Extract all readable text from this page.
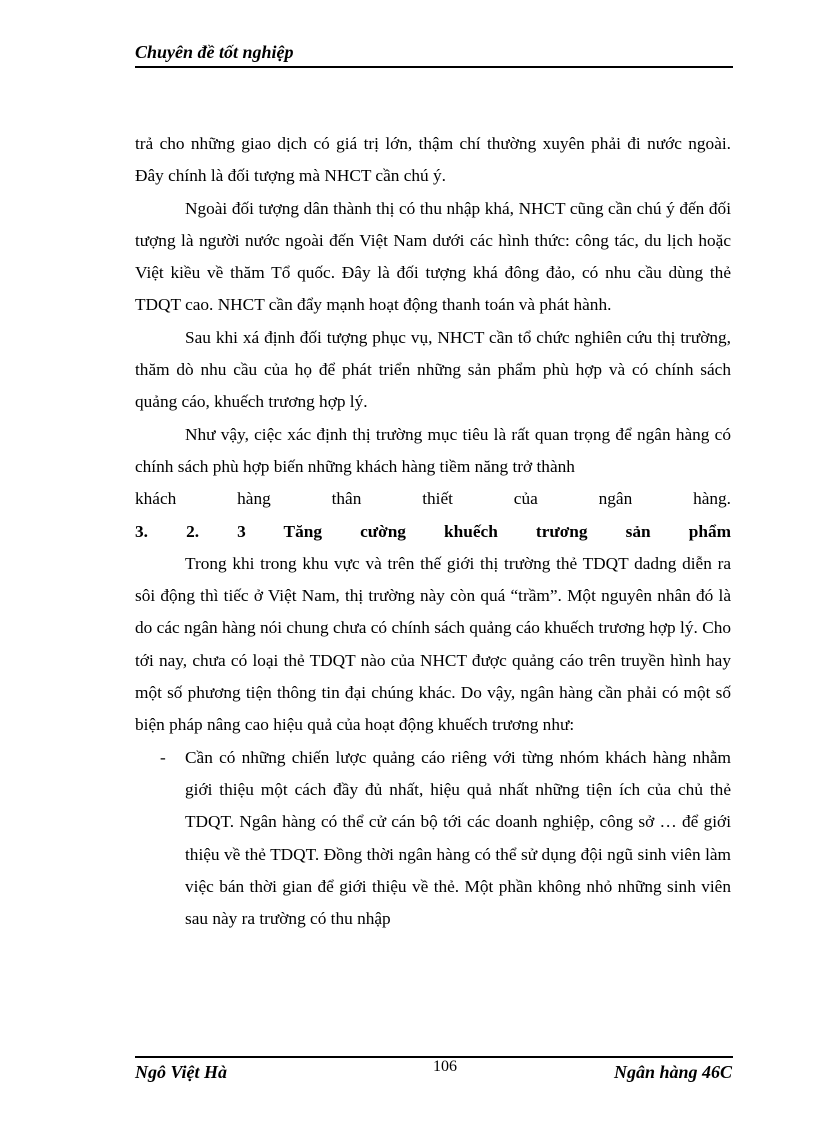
Chuyên đề tốt nghiệp

trả cho những giao dịch có giá trị lớn, thậm chí thường xuyên phải đi nước ngoài. Đây chính là đối tượng mà NHCT cần chú ý.

Ngoài đối tượng dân thành thị có thu nhập khá, NHCT cũng cần chú ý đến đối tượng là người nước ngoài đến Việt Nam dưới các hình thức: công tác, du lịch hoặc Việt kiều về thăm Tổ quốc. Đây là đối tượng khá đông đảo, có nhu cầu dùng thẻ TDQT cao. NHCT cần đẩy mạnh hoạt động thanh toán và phát hành.

Sau khi xá định đối tượng phục vụ, NHCT cần tổ chức nghiên cứu thị trường, thăm dò nhu cầu của họ để phát triển những sản phẩm phù hợp và có chính sách quảng cáo, khuếch trương hợp lý.

Như vậy, ciệc xác định thị trường mục tiêu là rất quan trọng để ngân hàng có chính sách phù hợp biến những khách hàng tiềm năng trở thành

khách hàng thân thiết của ngân hàng.

3. 2. 3 Tăng cường khuếch trương sản phẩm

Trong khi trong khu vực và trên thế giới thị trường thẻ TDQT dadng diễn ra sôi động thì tiếc ở Việt Nam, thị trường này còn quá “trầm”. Một nguyên nhân đó là do các ngân hàng nói chung chưa có chính sách quảng cáo khuếch trương hợp lý. Cho tới nay, chưa có loại thẻ TDQT nào của NHCT được quảng cáo trên truyền hình hay một số phương tiện thông tin đại chúng khác. Do vậy, ngân hàng cần phải có một số biện pháp nâng cao hiệu quả của hoạt động khuếch trương như:

- Cần có những chiến lược quảng cáo riêng với từng nhóm khách hàng nhằm giới thiệu một cách đầy đủ nhất, hiệu quả nhất những tiện ích của chủ thẻ TDQT. Ngân hàng có thể cử cán bộ tới các doanh nghiệp, công sở … để giới thiệu về thẻ TDQT. Đồng thời ngân hàng có thể sử dụng đội ngũ sinh viên làm việc bán thời gian để giới thiệu về thẻ. Một phần không nhỏ những sinh viên sau này ra trường có thu nhập

Ngô Việt Hà	106	Ngân hàng 46C
